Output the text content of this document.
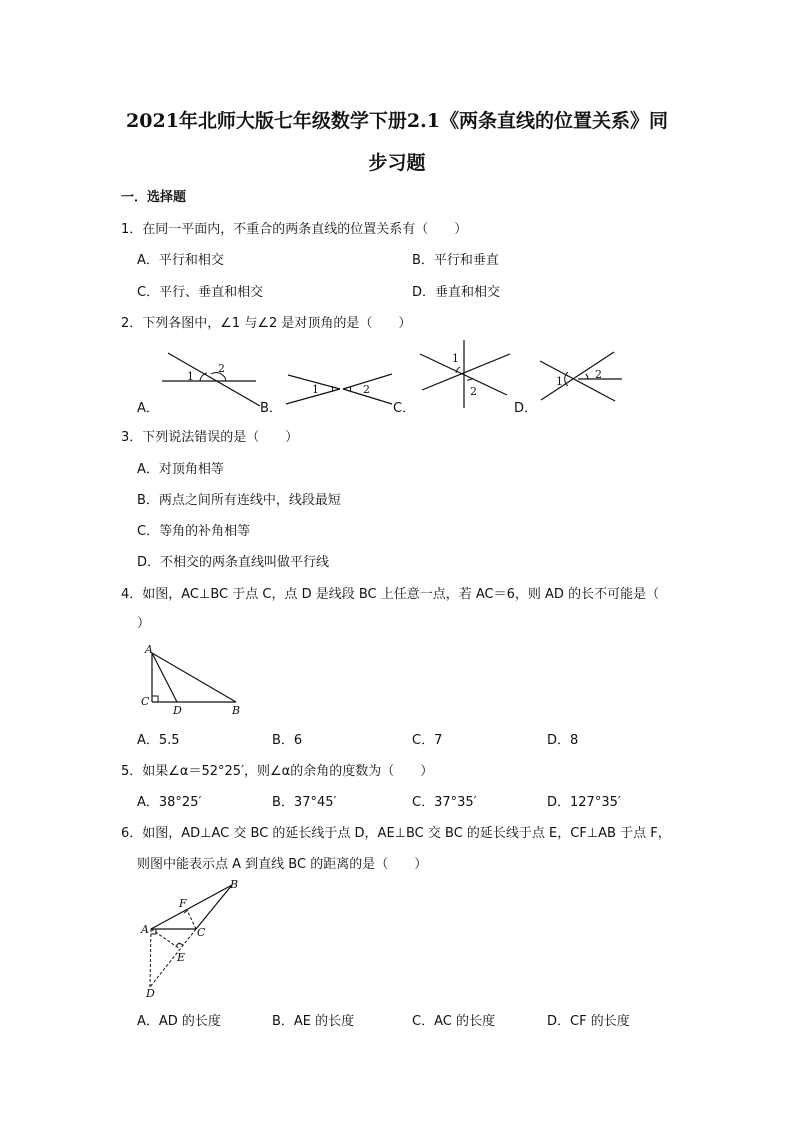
2021年北师大版七年级数学下册2.1《两条直线的位置关系》同
步习题
一．选择题
1．在同一平面内，不重合的两条直线的位置关系有（　　）
A．平行和相交	B．平行和垂直
C．平行、垂直和相交	D．垂直和相交
2．下列各图中，∠1 与∠2 是对顶角的是（　　）
1
2
1	2
1
2
1
2
A．	B．	C．	D．
3．下列说法错误的是（　　）
A．对顶角相等
B．两点之间所有连线中，线段最短
C．等角的补角相等
D．不相交的两条直线叫做平行线
4．如图，AC⊥BC 于点 C，点 D 是线段 BC 上任意一点，若 AC＝6，则 AD 的长不可能是（
）
A
C
D	B
A．5.5	B．6	C．7	D．8
5．如果∠α＝52°25′，则∠α的余角的度数为（　　）
A．38°25′	B．37°45′	C．37°35′	D．127°35′
6．如图，AD⊥AC 交 BC 的延长线于点 D，AE⊥BC 交 BC 的延长线于点 E，CF⊥AB 于点 F，
则图中能表示点 A 到直线 BC 的距离的是（　　）
A
B
C
F
E
D
A．AD 的长度	B．AE 的长度	C．AC 的长度	D．CF 的长度
